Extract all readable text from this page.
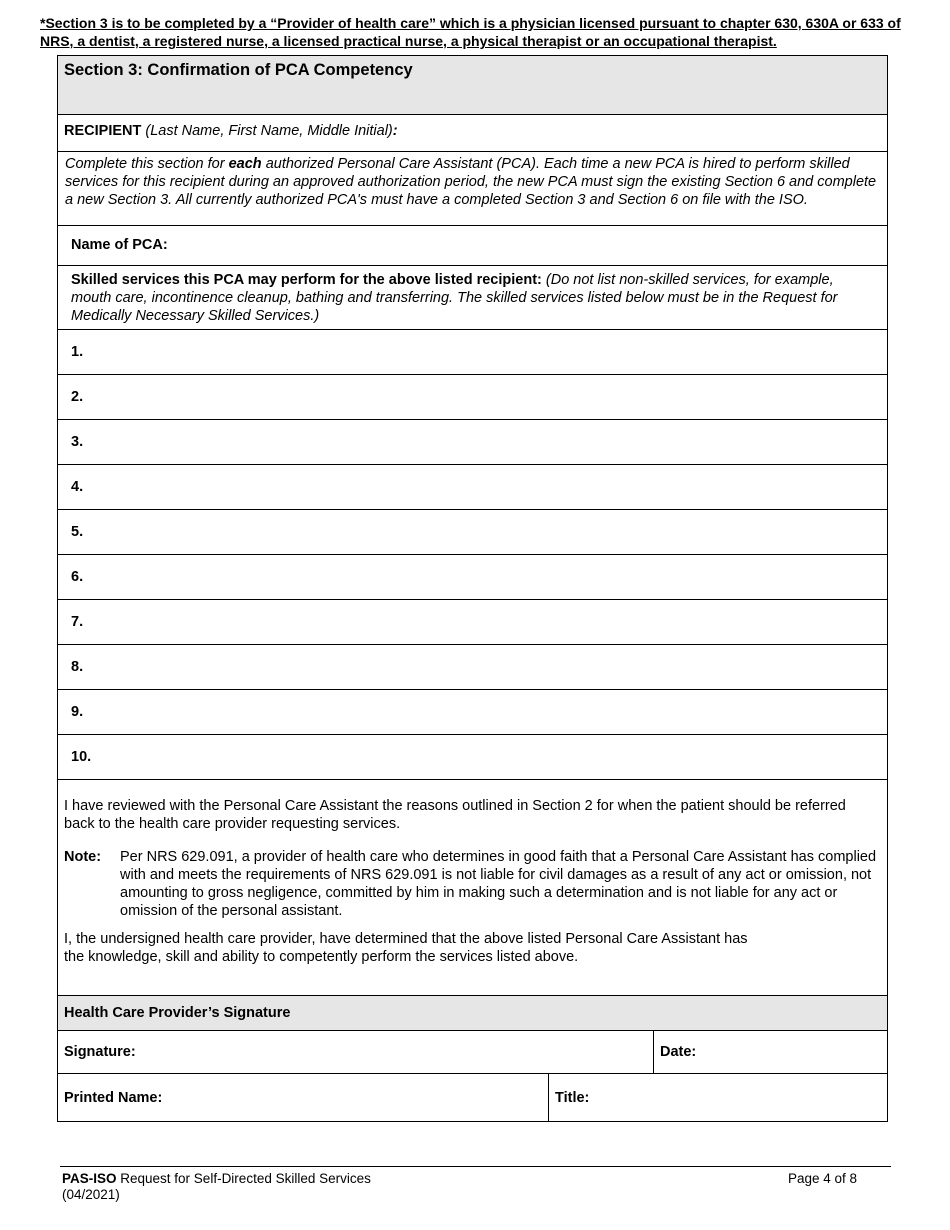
*Section 3 is to be completed by a “Provider of health care” which is a physician licensed pursuant to chapter 630, 630A or 633 of NRS, a dentist, a registered nurse, a licensed practical nurse, a physical therapist or an occupational therapist.
Section 3: Confirmation of PCA Competency
RECIPIENT (Last Name, First Name, Middle Initial):
Complete this section for each authorized Personal Care Assistant (PCA). Each time a new PCA is hired to perform skilled services for this recipient during an approved authorization period, the new PCA must sign the existing Section 6 and complete a new Section 3. All currently authorized PCA's must have a completed Section 3 and Section 6 on file with the ISO.
Name of PCA:
Skilled services this PCA may perform for the above listed recipient: (Do not list non-skilled services, for example, mouth care, incontinence cleanup, bathing and transferring. The skilled services listed below must be in the Request for Medically Necessary Skilled Services.)
1.
2.
3.
4.
5.
6.
7.
8.
9.
10.

I have reviewed with the Personal Care Assistant the reasons outlined in Section 2 for when the patient should be referred back to the health care provider requesting services.

Note:	Per NRS 629.091, a provider of health care who determines in good faith that a Personal Care Assistant has complied with and meets the requirements of NRS 629.091 is not liable for civil damages as a result of any act or omission, not amounting to gross negligence, committed by him in making such a determination and is not liable for any act or omission of the personal assistant.

I, the undersigned health care provider, have determined that the above listed Personal Care Assistant has
the knowledge, skill and ability to competently perform the services listed above.

Health Care Provider’s Signature
Signature:	Date:
Printed Name:	Title:
PAS-ISO Request for Self-Directed Skilled Services
(04/2021)
Page 4 of 8
